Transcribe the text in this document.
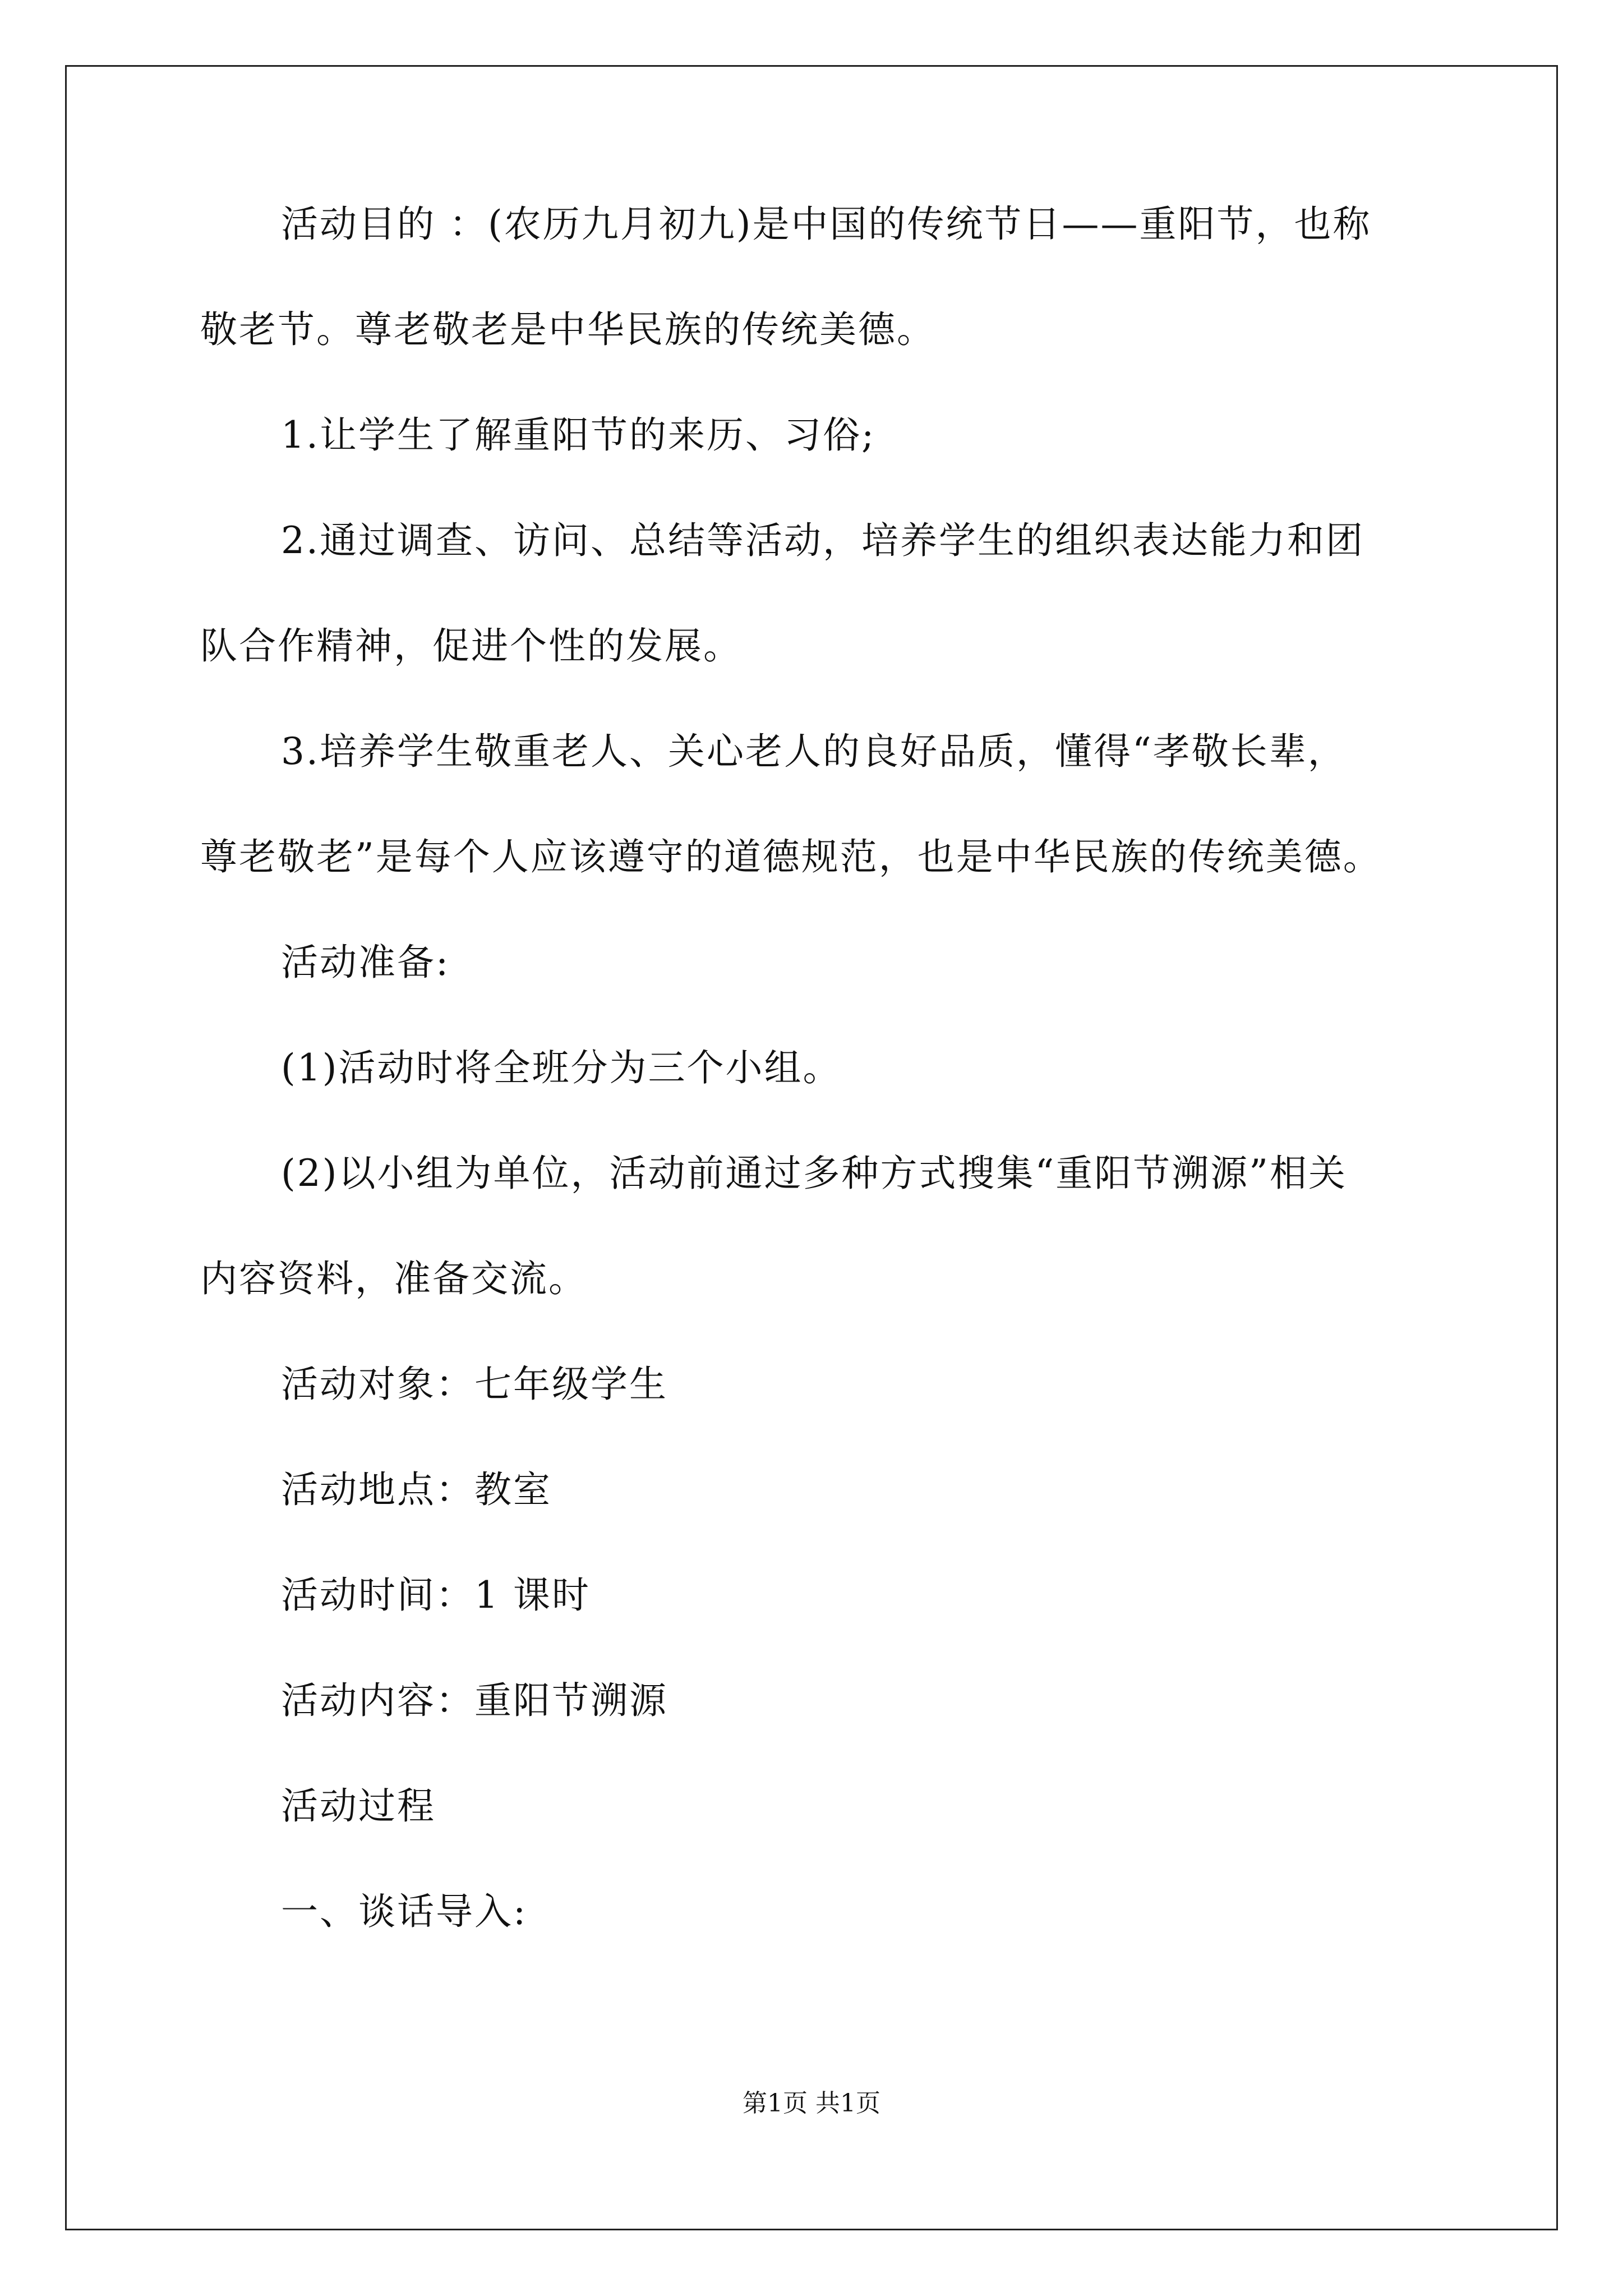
活动目的 ：(农历九月初九)是中国的传统节日——重阳节，也称
敬老节。尊老敬老是中华民族的传统美德。
1.让学生了解重阳节的来历、习俗;
2.通过调查、访问、总结等活动，培养学生的组织表达能力和团
队合作精神，促进个性的发展。
3.培养学生敬重老人、关心老人的良好品质，懂得“孝敬长辈，
尊老敬老”是每个人应该遵守的道德规范，也是中华民族的传统美德。
活动准备:
(1)活动时将全班分为三个小组。
(2)以小组为单位，活动前通过多种方式搜集“重阳节溯源”相关
内容资料，准备交流。
活动对象：七年级学生
活动地点：教室
活动时间：1 课时
活动内容：重阳节溯源
活动过程
一、谈话导入:
第1页 共1页
